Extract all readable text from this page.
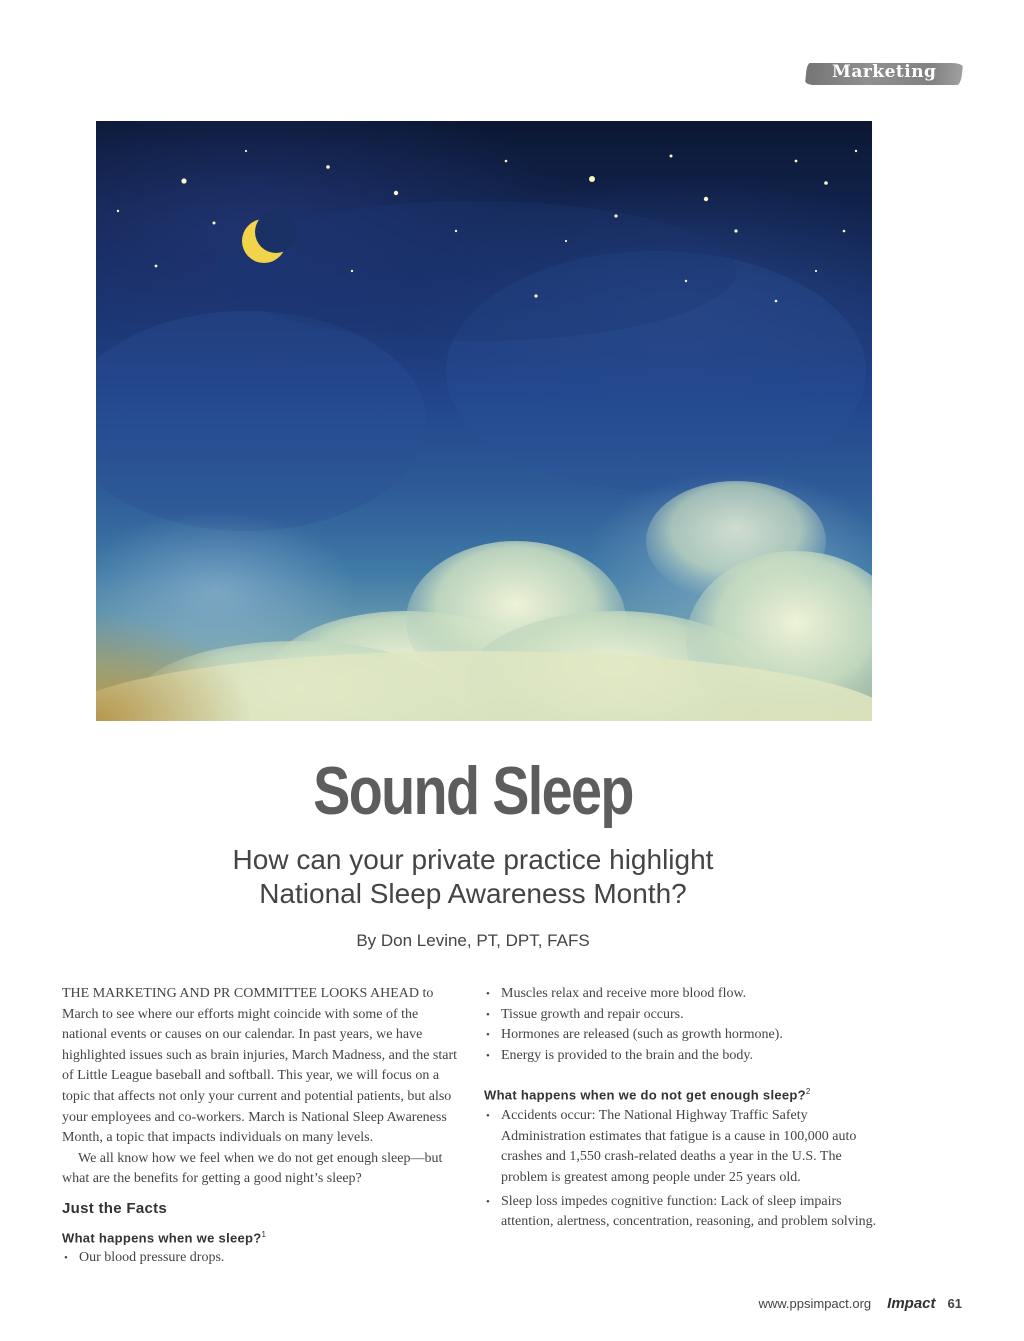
Marketing
Sound Sleep
How can your private practice highlight
National Sleep Awareness Month?
By Don Levine, PT, DPT, FAFS

THE MARKETING AND PR COMMITTEE LOOKS AHEAD to March to see where our efforts might coincide with some of the national events or causes on our calendar. In past years, we have highlighted issues such as brain injuries, March Madness, and the start of Little League baseball and softball. This year, we will focus on a topic that affects not only your current and potential patients, but also your employees and co-workers. March is National Sleep Awareness Month, a topic that impacts individuals on many levels.

We all know how we feel when we do not get enough sleep—but what are the benefits for getting a good night’s sleep?

Just the Facts
What happens when we sleep?$^1$
• Our blood pressure drops.
• Muscles relax and receive more blood flow.
• Tissue growth and repair occurs.
• Hormones are released (such as growth hormone).
• Energy is provided to the brain and the body.
What happens when we do not get enough sleep?$^2$
• Accidents occur: The National Highway Traffic Safety Administration estimates that fatigue is a cause in 100,000 auto crashes and 1,550 crash-related deaths a year in the U.S. The problem is greatest among people under 25 years old.
• Sleep loss impedes cognitive function: Lack of sleep impairs attention, alertness, concentration, reasoning, and problem solving.
www.ppsimpact.org Impact 61
